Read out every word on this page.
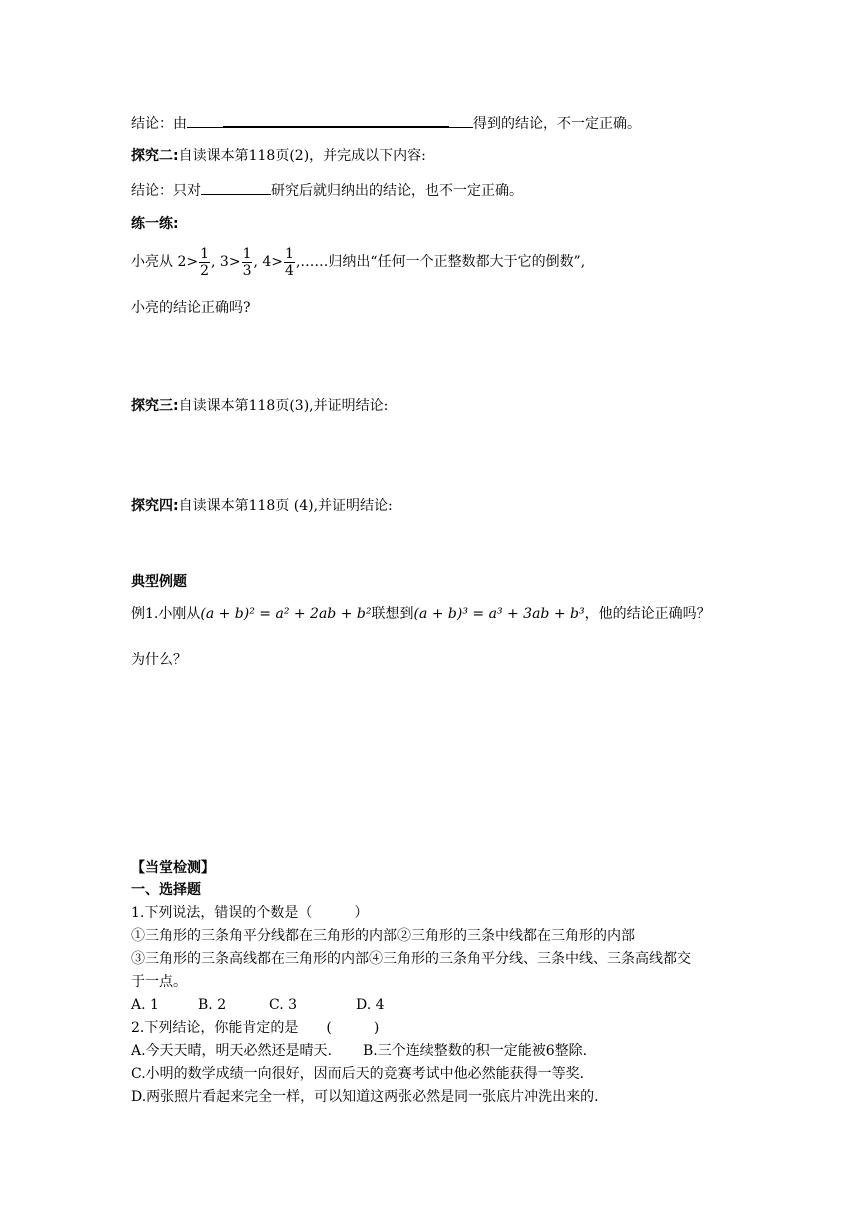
结论：由	得到的结论，不一定正确。
探究二:自读课本第118页(2)，并完成以下内容:
结论：只对	研究后就归纳出的结论，也不一定正确。
练一练:
小亮从 $2> \frac{1}{2}$ , $3> \frac{1}{3}$ , $4> \frac{1}{4}$ ,……归纳出“任何一个正整数都大于它的倒数”,
小亮的结论正确吗?
探究三:自读课本第118页(3),并证明结论:
探究四:自读课本第118页 (4),并证明结论:
典型例题
例1.小刚从(a + b)² = a² + 2ab + b²联想到(a + b)³ = a³ + 3ab + b³，他的结论正确吗？
为什么？
【当堂检测】
一、选择题
1.下列说法，错误的个数是（　　　）
①三角形的三条角平分线都在三角形的内部②三角形的三条中线都在三角形的内部
③三角形的三条高线都在三角形的内部④三角形的三条角平分线、三条中线、三条高线都交
于一点。
A. 1	B. 2	C. 3	D. 4
2.下列结论，你能肯定的是　　(　　　)
A.今天天晴，明天必然还是晴天. B.三个连续整数的积一定能被6整除.
C.小明的数学成绩一向很好，因而后天的竞赛考试中他必然能获得一等奖.
D.两张照片看起来完全一样，可以知道这两张必然是同一张底片冲洗出来的.
